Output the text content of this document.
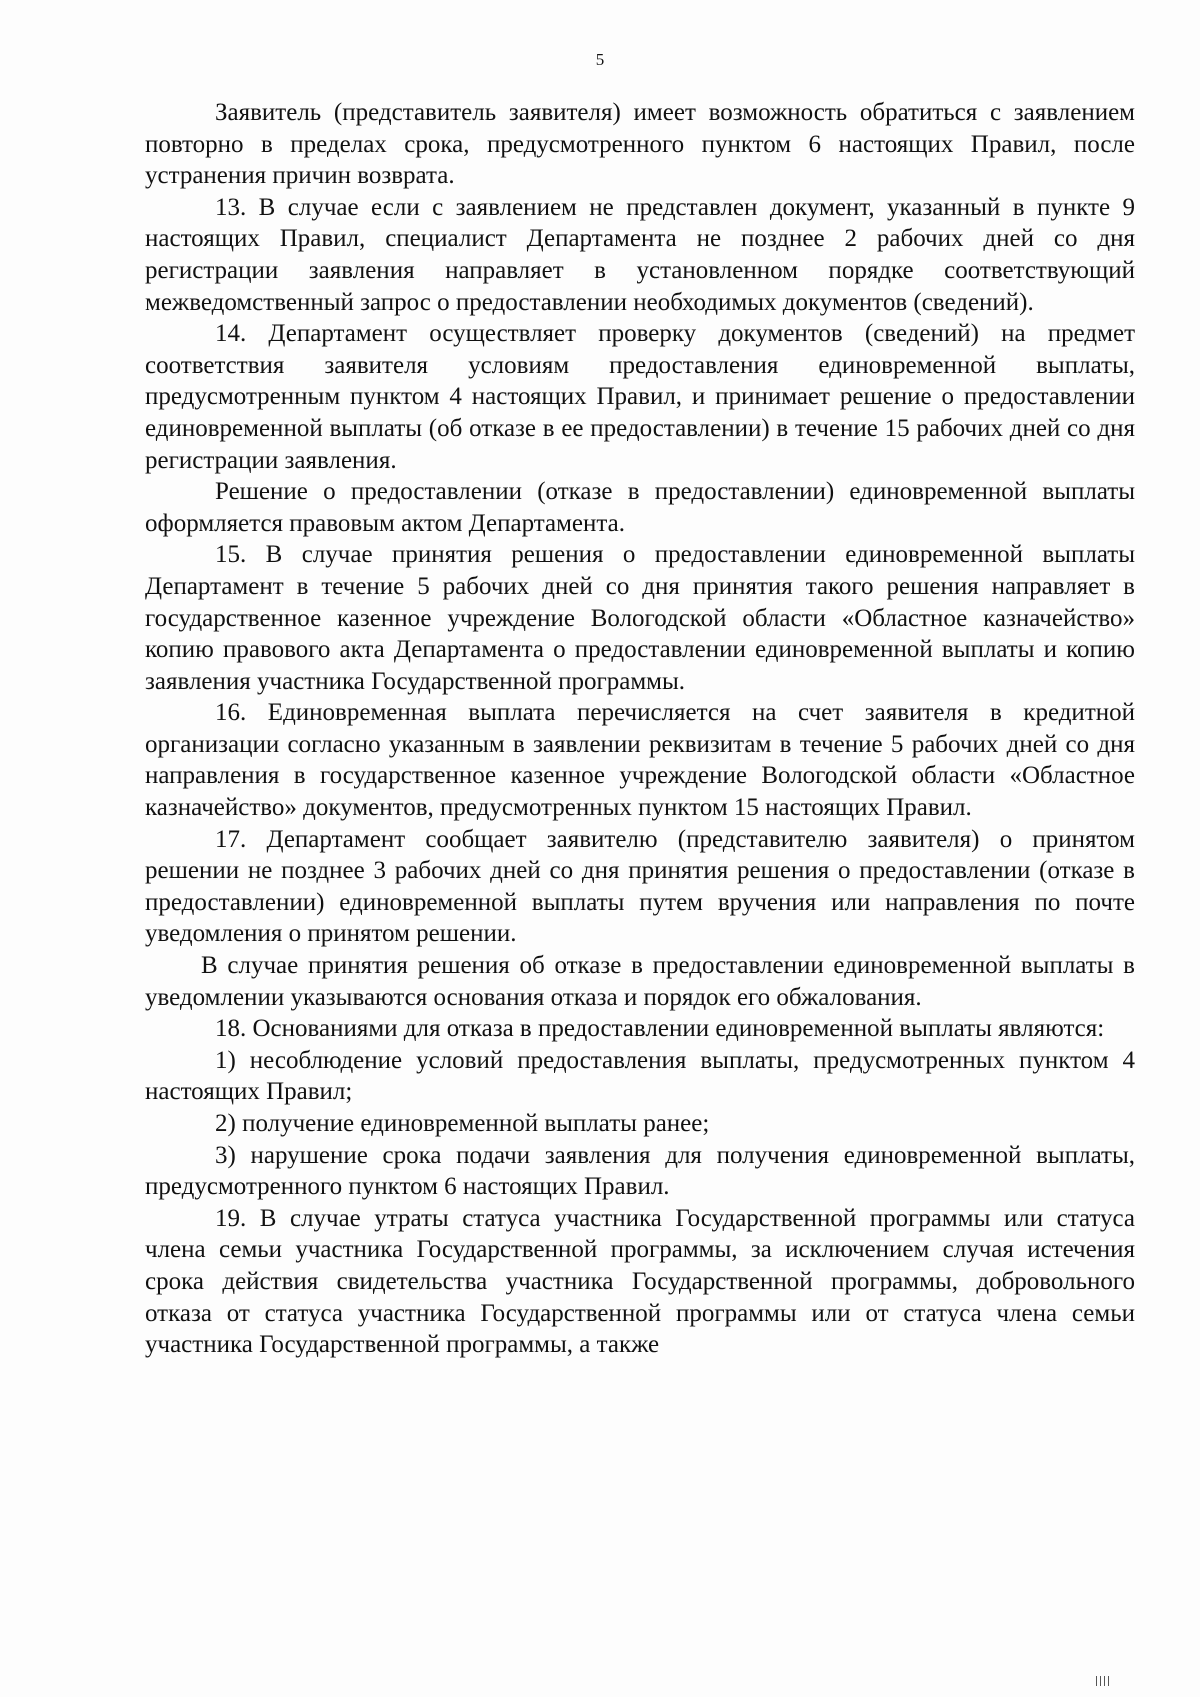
5

Заявитель (представитель заявителя) имеет возможность обратиться с заявлением повторно в пределах срока, предусмотренного пунктом 6 настоящих Правил, после устранения причин возврата.

13. В случае если с заявлением не представлен документ, указанный в пункте 9 настоящих Правил, специалист Департамента не позднее 2 рабочих дней со дня регистрации заявления направляет в установленном порядке соответствующий межведомственный запрос о предоставлении необходимых документов (сведений).

14. Департамент осуществляет проверку документов (сведений) на предмет соответствия заявителя условиям предоставления единовременной выплаты, предусмотренным пунктом 4 настоящих Правил, и принимает решение о предоставлении единовременной выплаты (об отказе в ее предоставлении) в течение 15 рабочих дней со дня регистрации заявления.

Решение о предоставлении (отказе в предоставлении) единовременной выплаты оформляется правовым актом Департамента.

15. В случае принятия решения о предоставлении единовременной выплаты Департамент в течение 5 рабочих дней со дня принятия такого решения направляет в государственное казенное учреждение Вологодской области «Областное казначейство» копию правового акта Департамента о предоставлении единовременной выплаты и копию заявления участника Государственной программы.

16. Единовременная выплата перечисляется на счет заявителя в кредитной организации согласно указанным в заявлении реквизитам в течение 5 рабочих дней со дня направления в государственное казенное учреждение Вологодской области «Областное казначейство» документов, предусмотренных пунктом 15 настоящих Правил.

17. Департамент сообщает заявителю (представителю заявителя) о принятом решении не позднее 3 рабочих дней со дня принятия решения о предоставлении (отказе в предоставлении) единовременной выплаты путем вручения или направления по почте уведомления о принятом решении.

В случае принятия решения об отказе в предоставлении единовременной выплаты в уведомлении указываются основания отказа и порядок его обжалования.

18. Основаниями для отказа в предоставлении единовременной выплаты являются:

1) несоблюдение условий предоставления выплаты, предусмотренных пунктом 4 настоящих Правил;

2) получение единовременной выплаты ранее;

3) нарушение срока подачи заявления для получения единовременной выплаты, предусмотренного пунктом 6 настоящих Правил.

19. В случае утраты статуса участника Государственной программы или статуса члена семьи участника Государственной программы, за исключением случая истечения срока действия свидетельства участника Государственной программы, добровольного отказа от статуса участника Государственной программы или от статуса члена семьи участника Государственной программы, а также
